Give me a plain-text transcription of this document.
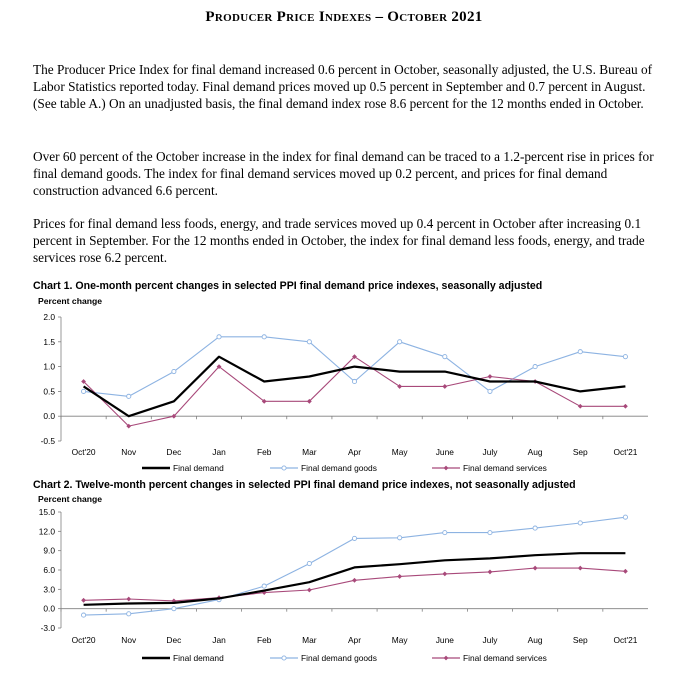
Producer Price Indexes – October 2021

The Producer Price Index for final demand increased 0.6 percent in October, seasonally adjusted, the U.S. Bureau of Labor Statistics reported today. Final demand prices moved up 0.5 percent in September and 0.7 percent in August. (See table A.) On an unadjusted basis, the final demand index rose 8.6 percent for the 12 months ended in October.

Over 60 percent of the October increase in the index for final demand can be traced to a 1.2-percent rise in prices for final demand goods. The index for final demand services moved up 0.2 percent, and prices for final demand construction advanced 6.6 percent.

Prices for final demand less foods, energy, and trade services moved up 0.4 percent in October after increasing 0.1 percent in September. For the 12 months ended in October, the index for final demand less foods, energy, and trade services rose 6.2 percent.

Chart 1. One-month percent changes in selected PPI final demand price indexes, seasonally adjusted
Percent change
-0.5
0.0
0.5
1.0
1.5
2.0
Oct'20	Nov	Dec	Jan	Feb	Mar	Apr	May	June	July	Aug	Sep	Oct'21
Final demand	Final demand goods	Final demand services
Chart 2. Twelve-month percent changes in selected PPI final demand price indexes, not seasonally adjusted
Percent change
-3.0
0.0
3.0
6.0
9.0
12.0
15.0
Oct'20	Nov	Dec	Jan	Feb	Mar	Apr	May	June	July	Aug	Sep	Oct'21
Final demand	Final demand goods	Final demand services
